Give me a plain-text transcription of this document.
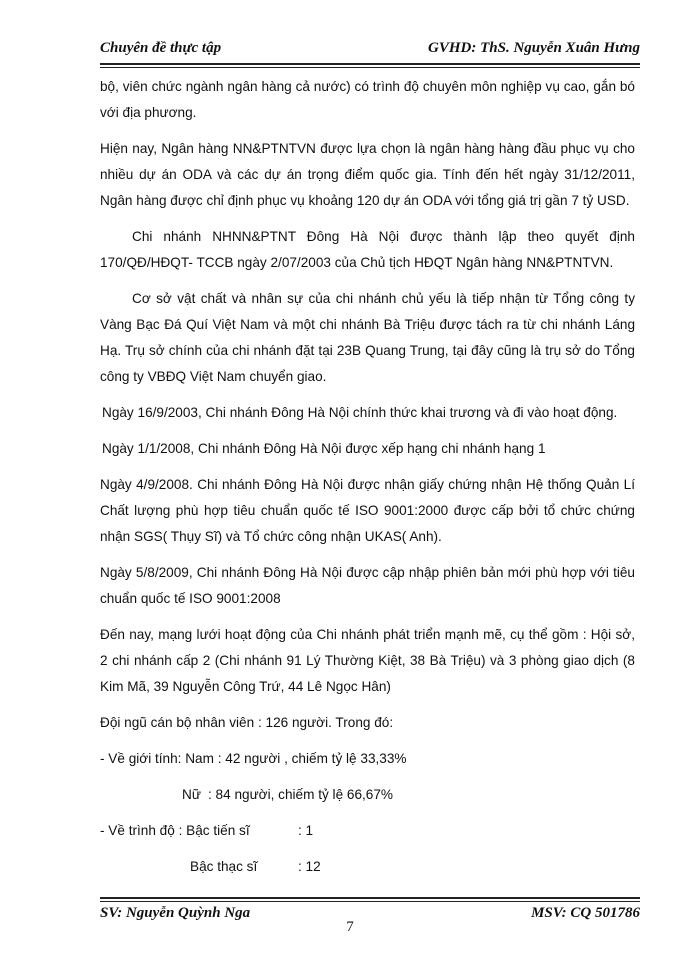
Chuyên đề thực tập	GVHD: ThS. Nguyễn Xuân Hưng

bộ, viên chức ngành ngân hàng cả nước) có trình độ chuyên môn nghiệp vụ cao, gắn bó với địa phương.

Hiện nay, Ngân hàng NN&PTNTVN được lựa chọn là ngân hàng hàng đầu phục vụ cho nhiều dự án ODA và các dự án trọng điểm quốc gia. Tính đến hết ngày 31/12/2011, Ngân hàng được chỉ định phục vụ khoảng 120 dự án ODA với tổng giá trị gần 7 tỷ USD.

Chi nhánh NHNN&PTNT Đông Hà Nội được thành lập theo quyết định 170/QĐ/HĐQT- TCCB ngày 2/07/2003 của Chủ tịch HĐQT Ngân hàng NN&PTNTVN.

Cơ sở vật chất và nhân sự của chi nhánh chủ yếu là tiếp nhận từ Tổng công ty Vàng Bạc Đá Quí Việt Nam và một chi nhánh Bà Triệu được tách ra từ chi nhánh Láng Hạ. Trụ sở chính của chi nhánh đặt tại 23B Quang Trung, tại đây cũng là trụ sở do Tổng công ty VBĐQ Việt Nam chuyển giao.

Ngày 16/9/2003, Chi nhánh Đông Hà Nội chính thức khai trương và đi vào hoạt động.

Ngày 1/1/2008, Chi nhánh Đông Hà Nội được xếp hạng chi nhánh hạng 1

Ngày 4/9/2008. Chi nhánh Đông Hà Nội được nhận giấy chứng nhận Hệ thống Quản Lí Chất lượng phù hợp tiêu chuẩn quốc tế ISO 9001:2000 được cấp bởi tổ chức chứng nhận SGS( Thụy Sĩ) và Tổ chức công nhận UKAS( Anh).

Ngày 5/8/2009, Chi nhánh Đông Hà Nội được cập nhập phiên bản mới phù hợp với tiêu chuẩn quốc tế ISO 9001:2008

Đến nay, mạng lưới hoạt động của Chi nhánh phát triển mạnh mẽ, cụ thể gồm : Hội sở, 2 chi nhánh cấp 2 (Chi nhánh 91 Lý Thường Kiệt, 38 Bà Triệu) và 3 phòng giao dịch (8 Kim Mã, 39 Nguyễn Công Trứ, 44 Lê Ngọc Hân)

Đội ngũ cán bộ nhân viên : 126 người. Trong đó:

- Về giới tính: Nam : 42 người , chiếm tỷ lệ 33,33%
Nữ : 84 người, chiếm tỷ lệ 66,67%
- Về trình độ : Bậc tiến sĩ	: 1
Bậc thạc sĩ	: 12
SV: Nguyễn Quỳnh Nga	MSV: CQ 501786
7
